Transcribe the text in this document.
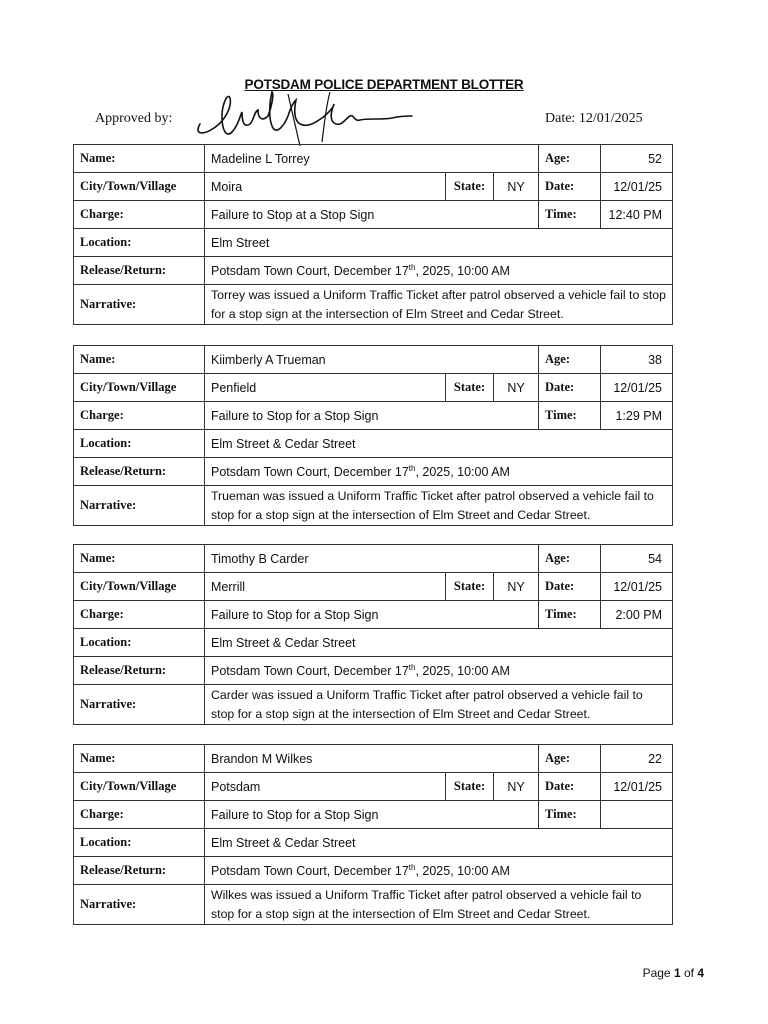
POTSDAM POLICE DEPARTMENT BLOTTER
Approved by:	Date: 12/01/2025
Name:	Madeline L Torrey			Age:	52
City/Town/Village	Moira	State:	NY	Date:	12/01/25
Charge:	Failure to Stop at a Stop Sign			Time:	12:40 PM
Location:	Elm Street				
Release/Return:	Potsdam Town Court, December 17th, 2025, 10:00 AM				
Narrative:	Torrey was issued a Uniform Traffic Ticket after patrol observed a vehicle fail to stop for a stop sign at the intersection of Elm Street and Cedar Street.				
Name:	Kiimberly A Trueman			Age:	38
City/Town/Village	Penfield	State:	NY	Date:	12/01/25
Charge:	Failure to Stop for a Stop Sign			Time:	1:29 PM
Location:	Elm Street & Cedar Street				
Release/Return:	Potsdam Town Court, December 17th, 2025, 10:00 AM				
Narrative:	Trueman was issued a Uniform Traffic Ticket after patrol observed a vehicle fail to stop for a stop sign at the intersection of Elm Street and Cedar Street.				
Name:	Timothy B Carder			Age:	54
City/Town/Village	Merrill	State:	NY	Date:	12/01/25
Charge:	Failure to Stop for a Stop Sign			Time:	2:00 PM
Location:	Elm Street & Cedar Street				
Release/Return:	Potsdam Town Court, December 17th, 2025, 10:00 AM				
Narrative:	Carder was issued a Uniform Traffic Ticket after patrol observed a vehicle fail to stop for a stop sign at the intersection of Elm Street and Cedar Street.				
Name:	Brandon M Wilkes			Age:	22
City/Town/Village	Potsdam	State:	NY	Date:	12/01/25
Charge:	Failure to Stop for a Stop Sign			Time:	
Location:	Elm Street & Cedar Street				
Release/Return:	Potsdam Town Court, December 17th, 2025, 10:00 AM				
Narrative:	Wilkes was issued a Uniform Traffic Ticket after patrol observed a vehicle fail to stop for a stop sign at the intersection of Elm Street and Cedar Street.				
Page 1 of 4
